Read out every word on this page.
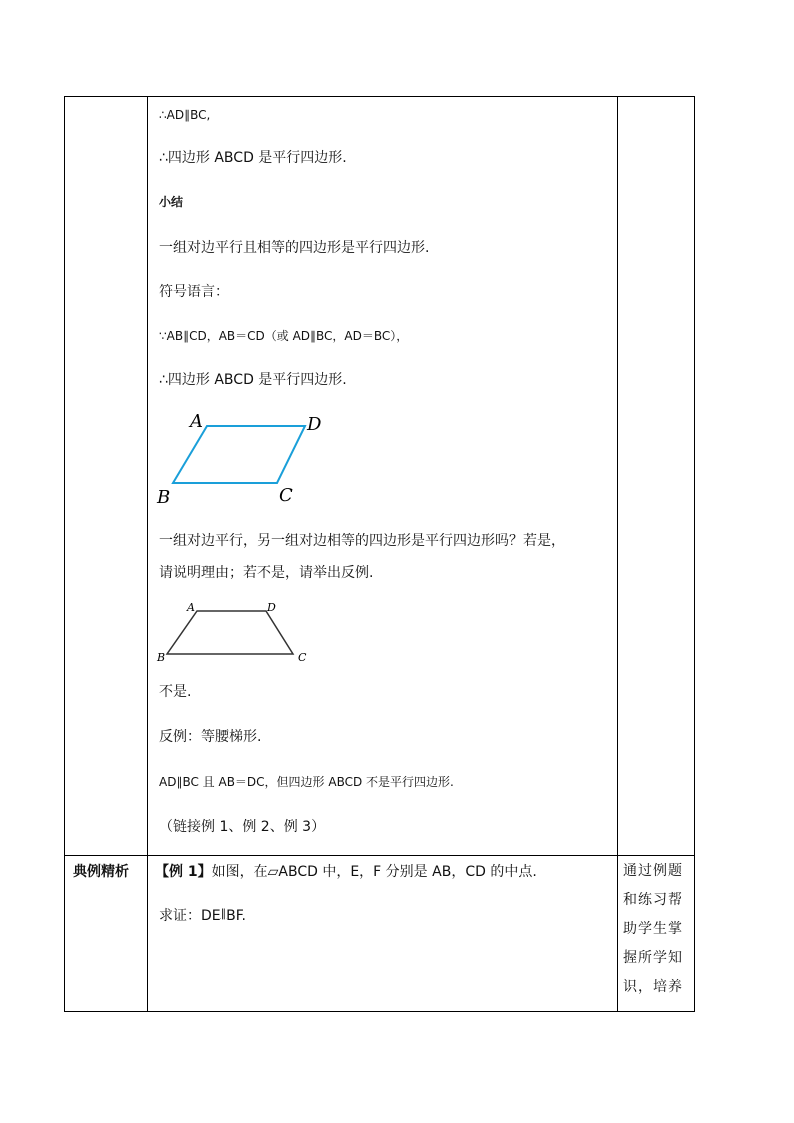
∴AD∥BC,
∴四边形 ABCD 是平行四边形.
小结
一组对边平行且相等的四边形是平行四边形.
符号语言：
∵AB∥CD，AB＝CD（或 AD∥BC，AD＝BC），
∴四边形 ABCD 是平行四边形.
A	D
B	C
一组对边平行，另一组对边相等的四边形是平行四边形吗？若是，
请说明理由；若不是，请举出反例.
A	D
B	C
不是.
反例：等腰梯形.
AD∥BC 且 AB＝DC，但四边形 ABCD 不是平行四边形.
（链接例 1、例 2、例 3）
典例精析 【例 1】如图，在▱ABCD 中，E，F 分别是 AB，CD 的中点.
求证：DE∥BF.
通过例题
和练习帮
助学生掌
握所学知
识，培养
